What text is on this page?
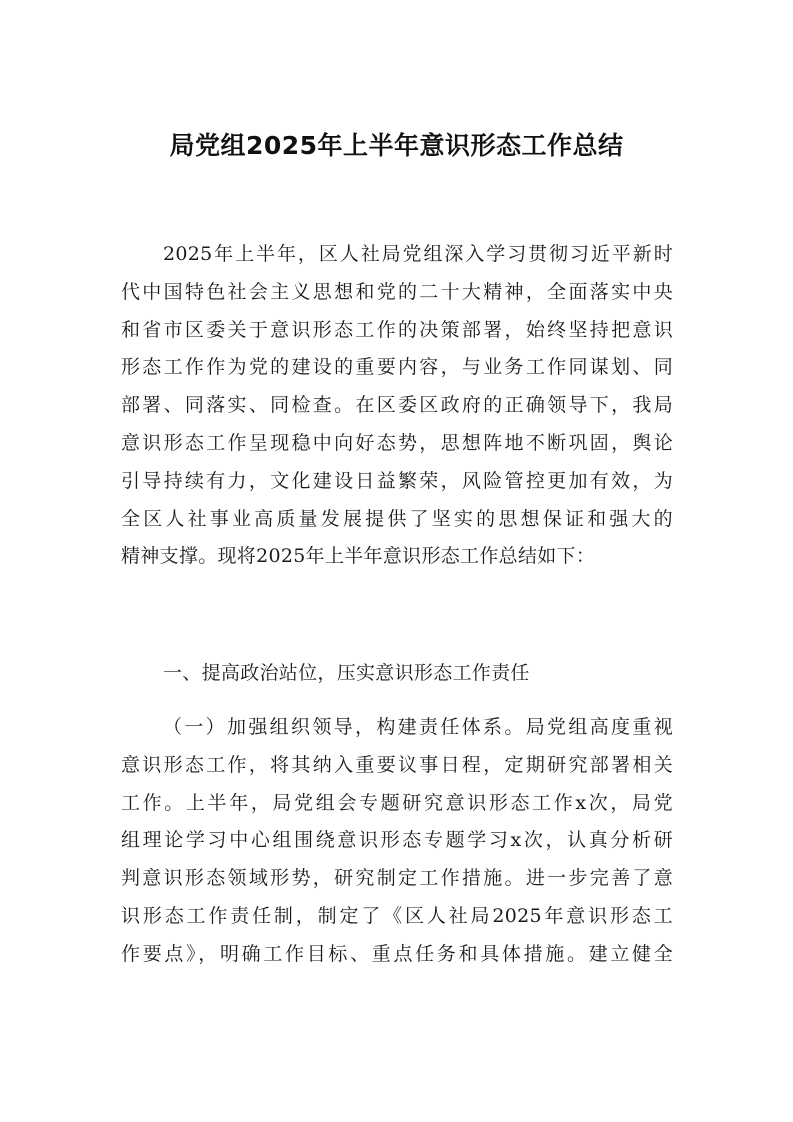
局党组2025年上半年意识形态工作总结
2025年上半年，区人社局党组深入学习贯彻习近平新时
代中国特色社会主义思想和党的二十大精神，全面落实中央
和省市区委关于意识形态工作的决策部署，始终坚持把意识
形态工作作为党的建设的重要内容，与业务工作同谋划、同
部署、同落实、同检查。在区委区政府的正确领导下，我局
意识形态工作呈现稳中向好态势，思想阵地不断巩固，舆论
引导持续有力，文化建设日益繁荣，风险管控更加有效，为
全区人社事业高质量发展提供了坚实的思想保证和强大的
精神支撑。现将2025年上半年意识形态工作总结如下：
一、提高政治站位，压实意识形态工作责任
（一）加强组织领导，构建责任体系。局党组高度重视
意识形态工作，将其纳入重要议事日程，定期研究部署相关
工作。上半年，局党组会专题研究意识形态工作x次，局党
组理论学习中心组围绕意识形态专题学习x次，认真分析研
判意识形态领域形势，研究制定工作措施。进一步完善了意
识形态工作责任制，制定了《区人社局2025年意识形态工
作要点》，明确工作目标、重点任务和具体措施。建立健全
